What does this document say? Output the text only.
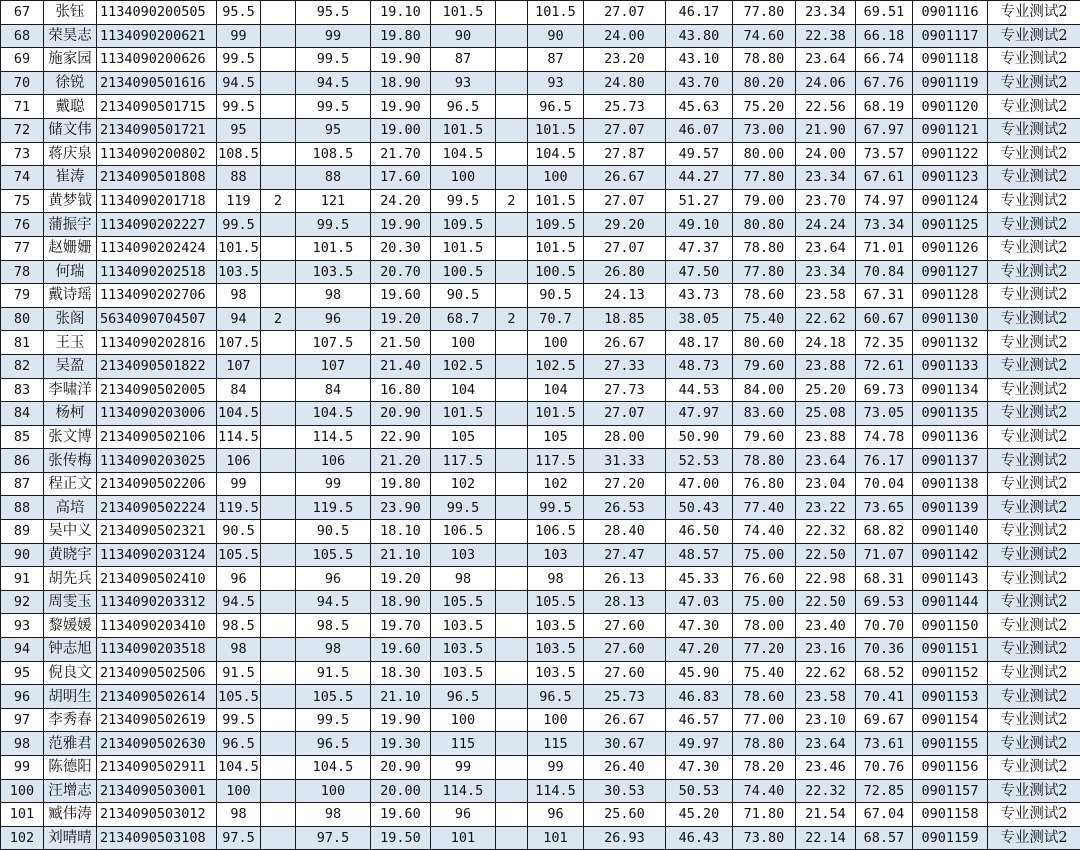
67	张钰	1134090200505	95.5		95.5	19.10	101.5		101.5	27.07	46.17	77.80	23.34	69.51	0901116	专业测试2
68	荣昊志	1134090200621	99		99	19.80	90		90	24.00	43.80	74.60	22.38	66.18	0901117	专业测试2
69	施家园	1134090200626	99.5		99.5	19.90	87		87	23.20	43.10	78.80	23.64	66.74	0901118	专业测试2
70	徐锐	2134090501616	94.5		94.5	18.90	93		93	24.80	43.70	80.20	24.06	67.76	0901119	专业测试2
71	戴聪	2134090501715	99.5		99.5	19.90	96.5		96.5	25.73	45.63	75.20	22.56	68.19	0901120	专业测试2
72	储文伟	2134090501721	95		95	19.00	101.5		101.5	27.07	46.07	73.00	21.90	67.97	0901121	专业测试2
73	蒋庆泉	1134090200802	108.5		108.5	21.70	104.5		104.5	27.87	49.57	80.00	24.00	73.57	0901122	专业测试2
74	崔涛	2134090501808	88		88	17.60	100		100	26.67	44.27	77.80	23.34	67.61	0901123	专业测试2
75	黄梦钺	1134090201718	119	2	121	24.20	99.5	2	101.5	27.07	51.27	79.00	23.70	74.97	0901124	专业测试2
76	蒲振宇	1134090202227	99.5		99.5	19.90	109.5		109.5	29.20	49.10	80.80	24.24	73.34	0901125	专业测试2
77	赵姗姗	1134090202424	101.5		101.5	20.30	101.5		101.5	27.07	47.37	78.80	23.64	71.01	0901126	专业测试2
78	何瑞	1134090202518	103.5		103.5	20.70	100.5		100.5	26.80	47.50	77.80	23.34	70.84	0901127	专业测试2
79	戴诗瑶	1134090202706	98		98	19.60	90.5		90.5	24.13	43.73	78.60	23.58	67.31	0901128	专业测试2
80	张阁	5634090704507	94	2	96	19.20	68.7	2	70.7	18.85	38.05	75.40	22.62	60.67	0901130	专业测试2
81	王玉	1134090202816	107.5		107.5	21.50	100		100	26.67	48.17	80.60	24.18	72.35	0901132	专业测试2
82	吴盈	2134090501822	107		107	21.40	102.5		102.5	27.33	48.73	79.60	23.88	72.61	0901133	专业测试2
83	李啸洋	2134090502005	84		84	16.80	104		104	27.73	44.53	84.00	25.20	69.73	0901134	专业测试2
84	杨柯	1134090203006	104.5		104.5	20.90	101.5		101.5	27.07	47.97	83.60	25.08	73.05	0901135	专业测试2
85	张文博	2134090502106	114.5		114.5	22.90	105		105	28.00	50.90	79.60	23.88	74.78	0901136	专业测试2
86	张传梅	1134090203025	106		106	21.20	117.5		117.5	31.33	52.53	78.80	23.64	76.17	0901137	专业测试2
87	程正文	2134090502206	99		99	19.80	102		102	27.20	47.00	76.80	23.04	70.04	0901138	专业测试2
88	高培	2134090502224	119.5		119.5	23.90	99.5		99.5	26.53	50.43	77.40	23.22	73.65	0901139	专业测试2
89	吴中义	2134090502321	90.5		90.5	18.10	106.5		106.5	28.40	46.50	74.40	22.32	68.82	0901140	专业测试2
90	黄晓宇	1134090203124	105.5		105.5	21.10	103		103	27.47	48.57	75.00	22.50	71.07	0901142	专业测试2
91	胡先兵	2134090502410	96		96	19.20	98		98	26.13	45.33	76.60	22.98	68.31	0901143	专业测试2
92	周雯玉	1134090203312	94.5		94.5	18.90	105.5		105.5	28.13	47.03	75.00	22.50	69.53	0901144	专业测试2
93	黎媛媛	1134090203410	98.5		98.5	19.70	103.5		103.5	27.60	47.30	78.00	23.40	70.70	0901150	专业测试2
94	钟志旭	1134090203518	98		98	19.60	103.5		103.5	27.60	47.20	77.20	23.16	70.36	0901151	专业测试2
95	倪良文	2134090502506	91.5		91.5	18.30	103.5		103.5	27.60	45.90	75.40	22.62	68.52	0901152	专业测试2
96	胡明生	2134090502614	105.5		105.5	21.10	96.5		96.5	25.73	46.83	78.60	23.58	70.41	0901153	专业测试2
97	李秀春	2134090502619	99.5		99.5	19.90	100		100	26.67	46.57	77.00	23.10	69.67	0901154	专业测试2
98	范雅君	2134090502630	96.5		96.5	19.30	115		115	30.67	49.97	78.80	23.64	73.61	0901155	专业测试2
99	陈德阳	2134090502911	104.5		104.5	20.90	99		99	26.40	47.30	78.20	23.46	70.76	0901156	专业测试2
100	汪增志	2134090503001	100		100	20.00	114.5		114.5	30.53	50.53	74.40	22.32	72.85	0901157	专业测试2
101	臧伟涛	2134090503012	98		98	19.60	96		96	25.60	45.20	71.80	21.54	67.04	0901158	专业测试2
102	刘晴晴	2134090503108	97.5		97.5	19.50	101		101	26.93	46.43	73.80	22.14	68.57	0901159	专业测试2
